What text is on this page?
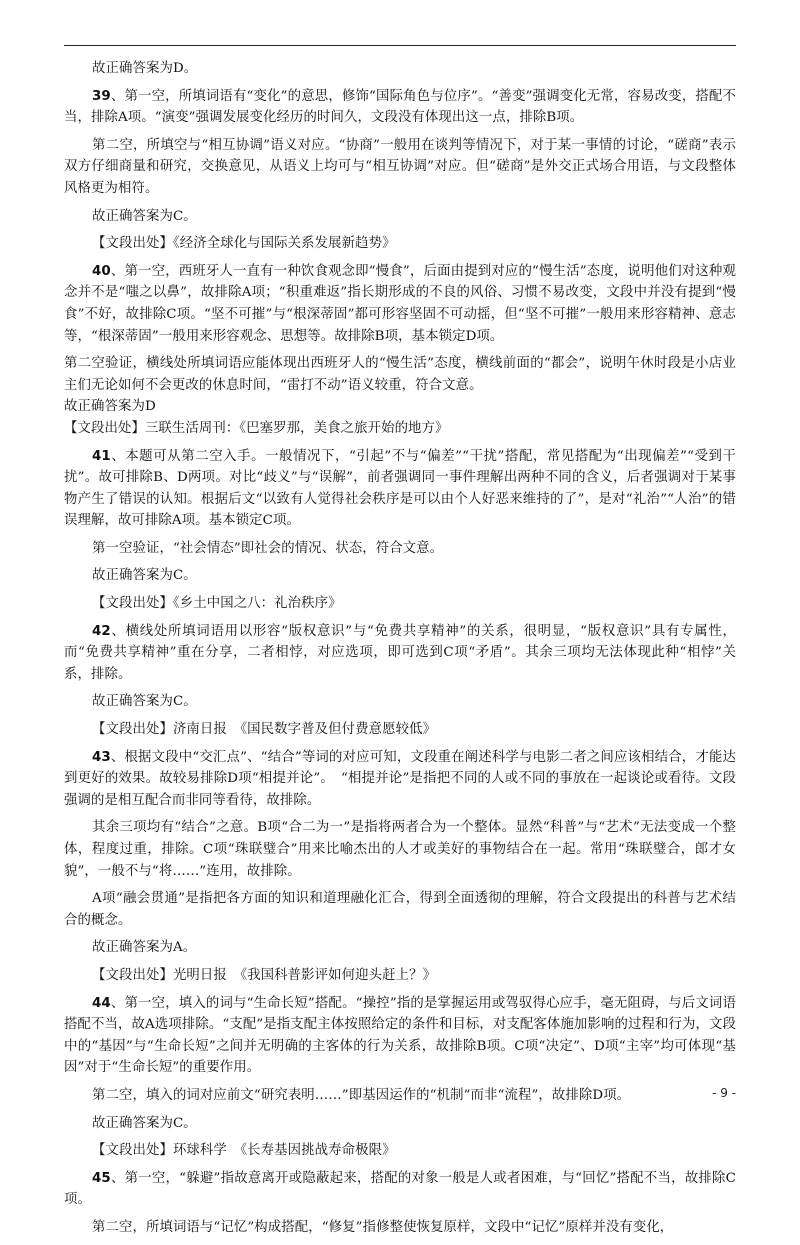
故正确答案为D。

39、第一空，所填词语有“变化”的意思，修饰“国际角色与位序”。“善变”强调变化无常，容易改变，搭配不当，排除A项。“演变”强调发展变化经历的时间久，文段没有体现出这一点，排除B项。

第二空，所填空与“相互协调”语义对应。“协商”一般用在谈判等情况下，对于某一事情的讨论，“磋商”表示双方仔细商量和研究，交换意见，从语义上均可与“相互协调”对应。但“磋商”是外交正式场合用语，与文段整体风格更为相符。

故正确答案为C。

【文段出处】《经济全球化与国际关系发展新趋势》

40、第一空，西班牙人一直有一种饮食观念即“慢食”，后面由提到对应的“慢生活”态度，说明他们对这种观念并不是“嗤之以鼻”，故排除A项；“积重难返”指长期形成的不良的风俗、习惯不易改变，文段中并没有提到“慢食”不好，故排除C项。“坚不可摧”与“根深蒂固”都可形容坚固不可动摇，但“坚不可摧”一般用来形容精神、意志等，“根深蒂固”一般用来形容观念、思想等。故排除B项，基本锁定D项。

第二空验证，横线处所填词语应能体现出西班牙人的“慢生活”态度，横线前面的“都会”，说明午休时段是小店业主们无论如何不会更改的休息时间，“雷打不动”语义较重，符合文意。

故正确答案为D

【文段出处】三联生活周刊：《巴塞罗那，美食之旅开始的地方》

41、本题可从第二空入手。一般情况下，“引起”不与“偏差”“干扰”搭配，常见搭配为“出现偏差”“受到干扰”。故可排除B、D两项。对比“歧义”与“误解”，前者强调同一事件理解出两种不同的含义，后者强调对于某事物产生了错误的认知。根据后文“以致有人觉得社会秩序是可以由个人好恶来维持的了”，是对“礼治”“人治”的错误理解，故可排除A项。基本锁定C项。

第一空验证，“社会情态”即社会的情况、状态，符合文意。

故正确答案为C。

【文段出处】《乡土中国之八：礼治秩序》

42、横线处所填词语用以形容“版权意识”与“免费共享精神”的关系，很明显，“版权意识”具有专属性，而“免费共享精神”重在分享，二者相悖，对应选项，即可选到C项“矛盾”。其余三项均无法体现此种“相悖”关系，排除。

故正确答案为C。

【文段出处】济南日报　《国民数字普及但付费意愿较低》

43、根据文段中“交汇点”、“结合”等词的对应可知，文段重在阐述科学与电影二者之间应该相结合，才能达到更好的效果。故较易排除D项“相提并论”。　“相提并论”是指把不同的人或不同的事放在一起谈论或看待。文段强调的是相互配合而非同等看待，故排除。

其余三项均有“结合”之意。B项“合二为一”是指将两者合为一个整体。显然“科普”与“艺术”无法变成一个整体，程度过重，排除。C项“珠联璧合”用来比喻杰出的人才或美好的事物结合在一起。常用“珠联璧合，郎才女貌”，一般不与“将……”连用，故排除。

A项“融会贯通”是指把各方面的知识和道理融化汇合，得到全面透彻的理解，符合文段提出的科普与艺术结合的概念。

故正确答案为A。

【文段出处】光明日报　《我国科普影评如何迎头赶上？》

44、第一空，填入的词与“生命长短”搭配。“操控”指的是掌握运用或驾驭得心应手，毫无阻碍，与后文词语搭配不当，故A选项排除。“支配”是指支配主体按照给定的条件和目标，对支配客体施加影响的过程和行为，文段中的“基因”与“生命长短”之间并无明确的主客体的行为关系，故排除B项。C项“决定”、D项“主宰”均可体现“基因”对于“生命长短”的重要作用。

第二空，填入的词对应前文“研究表明……”即基因运作的“机制”而非“流程”，故排除D项。

故正确答案为C。

【文段出处】环球科学　《长寿基因挑战寿命极限》

45、第一空，“躲避”指故意离开或隐蔽起来，搭配的对象一般是人或者困难，与“回忆”搭配不当，故排除C项。

第二空，所填词语与“记忆”构成搭配，“修复”指修整使恢复原样，文段中“记忆”原样并没有变化，

- 9 -
